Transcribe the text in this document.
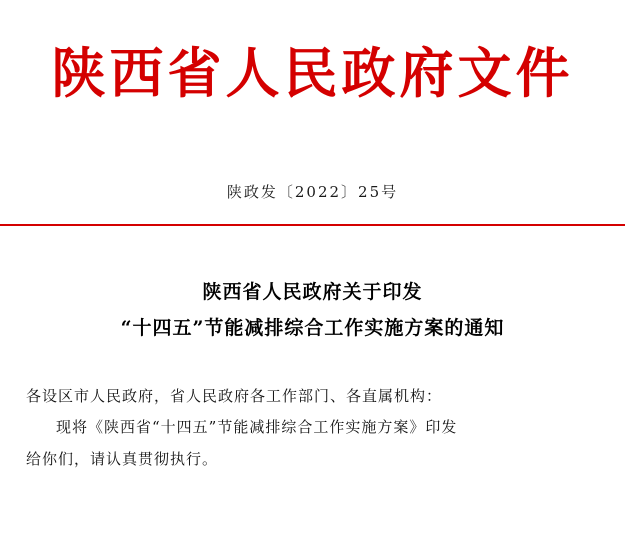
陕西省人民政府文件
陕政发〔2022〕25号
陕西省人民政府关于印发
“十四五”节能减排综合工作实施方案的通知
各设区市人民政府，省人民政府各工作部门、各直属机构：
现将《陕西省“十四五”节能减排综合工作实施方案》印发
给你们，请认真贯彻执行。
